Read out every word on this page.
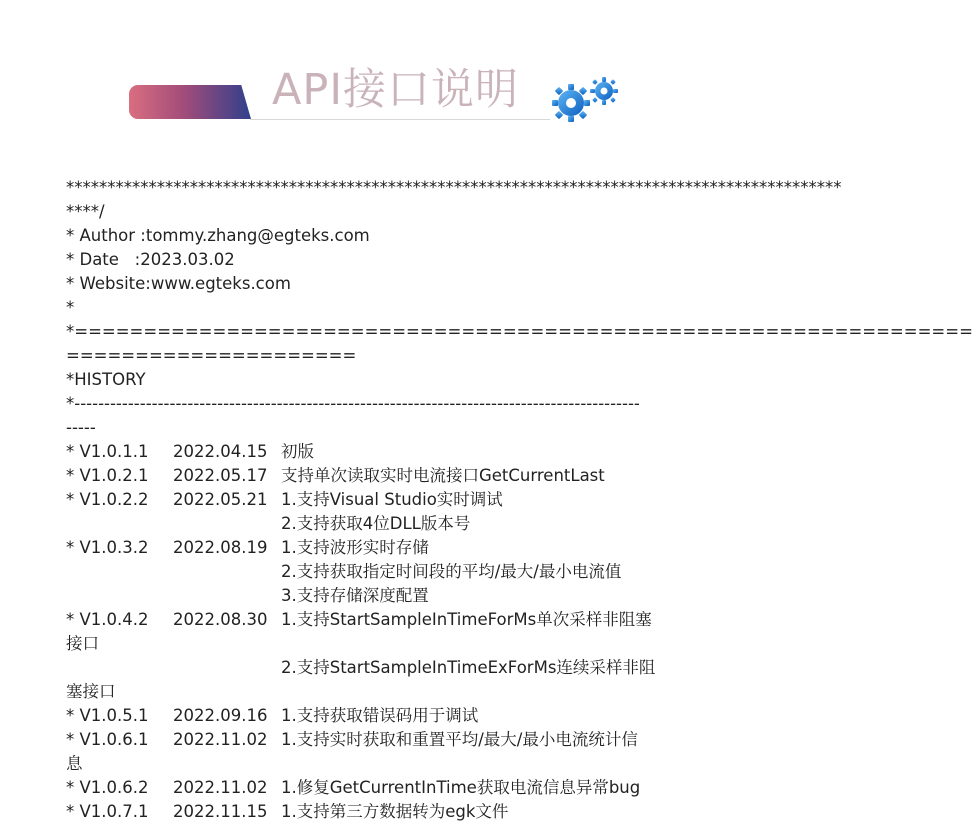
API接口说明
**********************************************************************************************
****/
* Author :tommy.zhang@egteks.com
* Date   :2023.03.02
* Website:www.egteks.com
*
*=================================================================
=====================
*HISTORY
*-----------------------------------------------------------------------------------------------
-----
* V1.0.1.1 2022.04.15 初版
* V1.0.2.1 2022.05.17 支持单次读取实时电流接口GetCurrentLast
* V1.0.2.2 2022.05.21 1.支持Visual Studio实时调试
2.支持获取4位DLL版本号
* V1.0.3.2 2022.08.19 1.支持波形实时存储
2.支持获取指定时间段的平均/最大/最小电流值
3.支持存储深度配置
* V1.0.4.2 2022.08.30 1.支持StartSampleInTimeForMs单次采样非阻塞
接口
2.支持StartSampleInTimeExForMs连续采样非阻
塞接口
* V1.0.5.1 2022.09.16 1.支持获取错误码用于调试
* V1.0.6.1 2022.11.02 1.支持实时获取和重置平均/最大/最小电流统计信
息
* V1.0.6.2 2022.11.02 1.修复GetCurrentInTime获取电流信息异常bug
* V1.0.7.1 2022.11.15 1.支持第三方数据转为egk文件
